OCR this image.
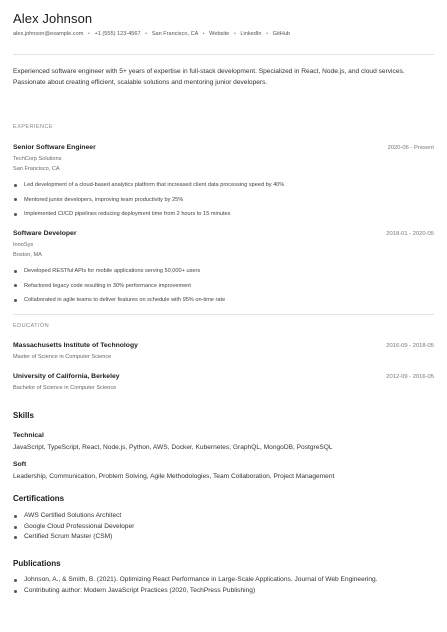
Alex Johnson
alex.johnson@example.com • +1 (555) 123-4567 • San Francisco, CA • Website • LinkedIn • GitHub
Experienced software engineer with 5+ years of expertise in full-stack development. Specialized in React, Node.js, and cloud services. Passionate about creating efficient, scalable solutions and mentoring junior developers.
EXPERIENCE
Senior Software Engineer	2020-06 - Present
TechCorp Solutions
San Francisco, CA
Led development of a cloud-based analytics platform that increased client data processing speed by 40%
Mentored junior developers, improving team productivity by 25%
Implemented CI/CD pipelines reducing deployment time from 2 hours to 15 minutes
Software Developer	2018-01 - 2020-05
InnoSys
Boston, MA
Developed RESTful APIs for mobile applications serving 50,000+ users
Refactored legacy code resulting in 30% performance improvement
Collaborated in agile teams to deliver features on schedule with 95% on-time rate
EDUCATION
Massachusetts Institute of Technology	2016-09 - 2018-05
Master of Science in Computer Science
University of California, Berkeley	2012-09 - 2016-05
Bachelor of Science in Computer Science
Skills
Technical
JavaScript, TypeScript, React, Node.js, Python, AWS, Docker, Kubernetes, GraphQL, MongoDB, PostgreSQL
Soft
Leadership, Communication, Problem Solving, Agile Methodologies, Team Collaboration, Project Management
Certifications
AWS Certified Solutions Architect
Google Cloud Professional Developer
Certified Scrum Master (CSM)
Publications
Johnson, A., & Smith, B. (2021). Optimizing React Performance in Large-Scale Applications. Journal of Web Engineering.
Contributing author: Modern JavaScript Practices (2020, TechPress Publishing)
